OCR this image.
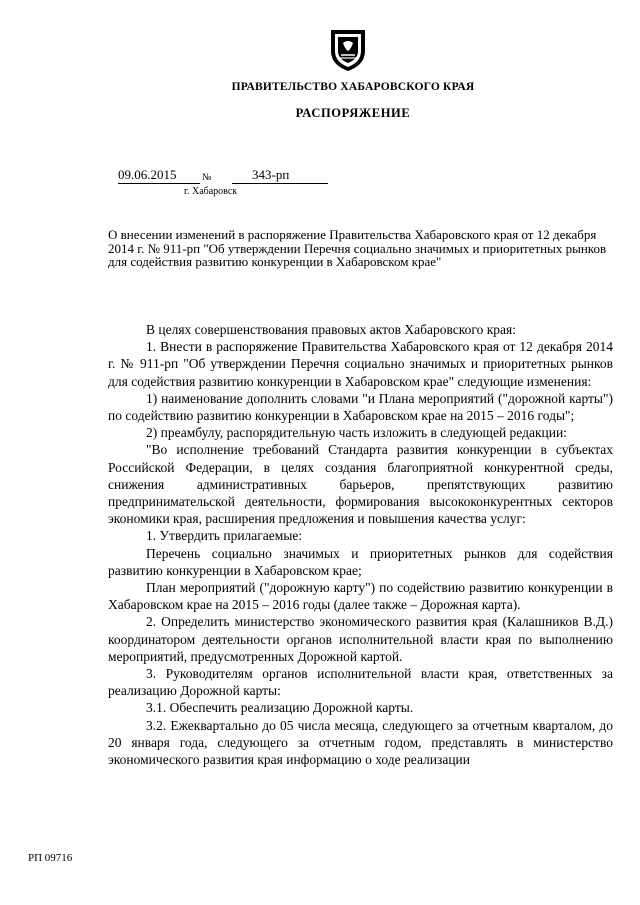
ПРАВИТЕЛЬСТВО ХАБАРОВСКОГО КРАЯ
РАСПОРЯЖЕНИЕ
09.06.2015	№	343-рп
г. Хабаровск
О внесении изменений в распоряжение Правительства Хабаровского края от 12 декабря 2014 г. № 911-рп "Об утверждении Перечня социально значимых и приоритетных рынков для содействия развитию конкуренции в Хабаровском крае"

В целях совершенствования правовых актов Хабаровского края:

1. Внести в распоряжение Правительства Хабаровского края от 12 декабря 2014 г. № 911-рп "Об утверждении Перечня социально значимых и приоритетных рынков для содействия развитию конкуренции в Хабаровском крае" следующие изменения:

1) наименование дополнить словами "и Плана мероприятий ("дорожной карты") по содействию развитию конкуренции в Хабаровском крае на 2015 – 2016 годы";

2) преамбулу, распорядительную часть изложить в следующей редакции:

"Во исполнение требований Стандарта развития конкуренции в субъектах Российской Федерации, в целях создания благоприятной конкурентной среды, снижения административных барьеров, препятствующих развитию предпринимательской деятельности, формирования высококонкурентных секторов экономики края, расширения предложения и повышения качества услуг:

1. Утвердить прилагаемые:

Перечень социально значимых и приоритетных рынков для содействия развитию конкуренции в Хабаровском крае;

План мероприятий ("дорожную карту") по содействию развитию конкуренции в Хабаровском крае на 2015 – 2016 годы (далее также – Дорожная карта).

2. Определить министерство экономического развития края (Калашников В.Д.) координатором деятельности органов исполнительной власти края по выполнению мероприятий, предусмотренных Дорожной картой.

3. Руководителям органов исполнительной власти края, ответственных за реализацию Дорожной карты:

3.1. Обеспечить реализацию Дорожной карты.

3.2. Ежеквартально до 05 числа месяца, следующего за отчетным кварталом, до 20 января года, следующего за отчетным годом, представлять в министерство экономического развития края информацию о ходе реализации

РП 09716
